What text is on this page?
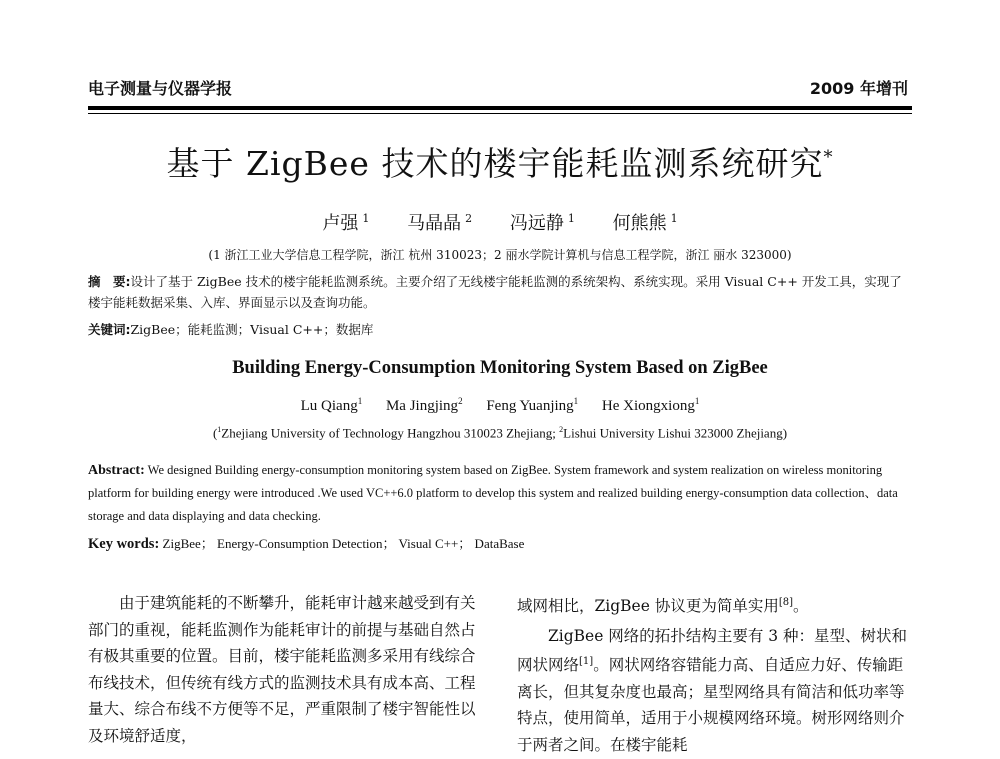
电子测量与仪器学报	2009 年增刊
基于 ZigBee 技术的楼宇能耗监测系统研究*
卢强 $^1$ 马晶晶 $^2$ 冯远静 $^1$ 何熊熊 $^1$
(1 浙江工业大学信息工程学院，浙江 杭州 310023；2 丽水学院计算机与信息工程学院，浙江 丽水 323000)
摘　要:设计了基于 ZigBee 技术的楼宇能耗监测系统。主要介绍了无线楼宇能耗监测的系统架构、系统实现。采用 Visual C++ 开发工具，实现了楼宇能耗数据采集、入库、界面显示以及查询功能。
关键词:ZigBee；能耗监测；Visual C++；数据库
Building Energy-Consumption Monitoring System Based on ZigBee
Lu Qiang$^1$ Ma Jingjing$^2$ Feng Yuanjing$^1$ He Xiongxiong$^1$
($^1$Zhejiang University of Technology Hangzhou 310023 Zhejiang; $^2$Lishui University Lishui 323000 Zhejiang)
Abstract: We designed Building energy-consumption monitoring system based on ZigBee. System framework and system realization on wireless monitoring platform for building energy were introduced .We used VC++6.0 platform to develop this system and realized building energy-consumption data collection、data storage and data displaying and data checking.
Key words: ZigBee； Energy-Consumption Detection； Visual C++； DataBase

由于建筑能耗的不断攀升，能耗审计越来越受到有关部门的重视，能耗监测作为能耗审计的前提与基础自然占有极其重要的位置。目前，楼宇能耗监测多采用有线综合布线技术，但传统有线方式的监测技术具有成本高、工程量大、综合布线不方便等不足，严重限制了楼宇智能性以及环境舒适度，

域网相比，ZigBee 协议更为简单实用[8]。

ZigBee 网络的拓扑结构主要有 3 种：星型、树状和网状网络[1]。网状网络容错能力高、自适应力好、传输距离长，但其复杂度也最高；星型网络具有简洁和低功率等特点，使用简单，适用于小规模网络环境。树形网络则介于两者之间。在楼宇能耗
